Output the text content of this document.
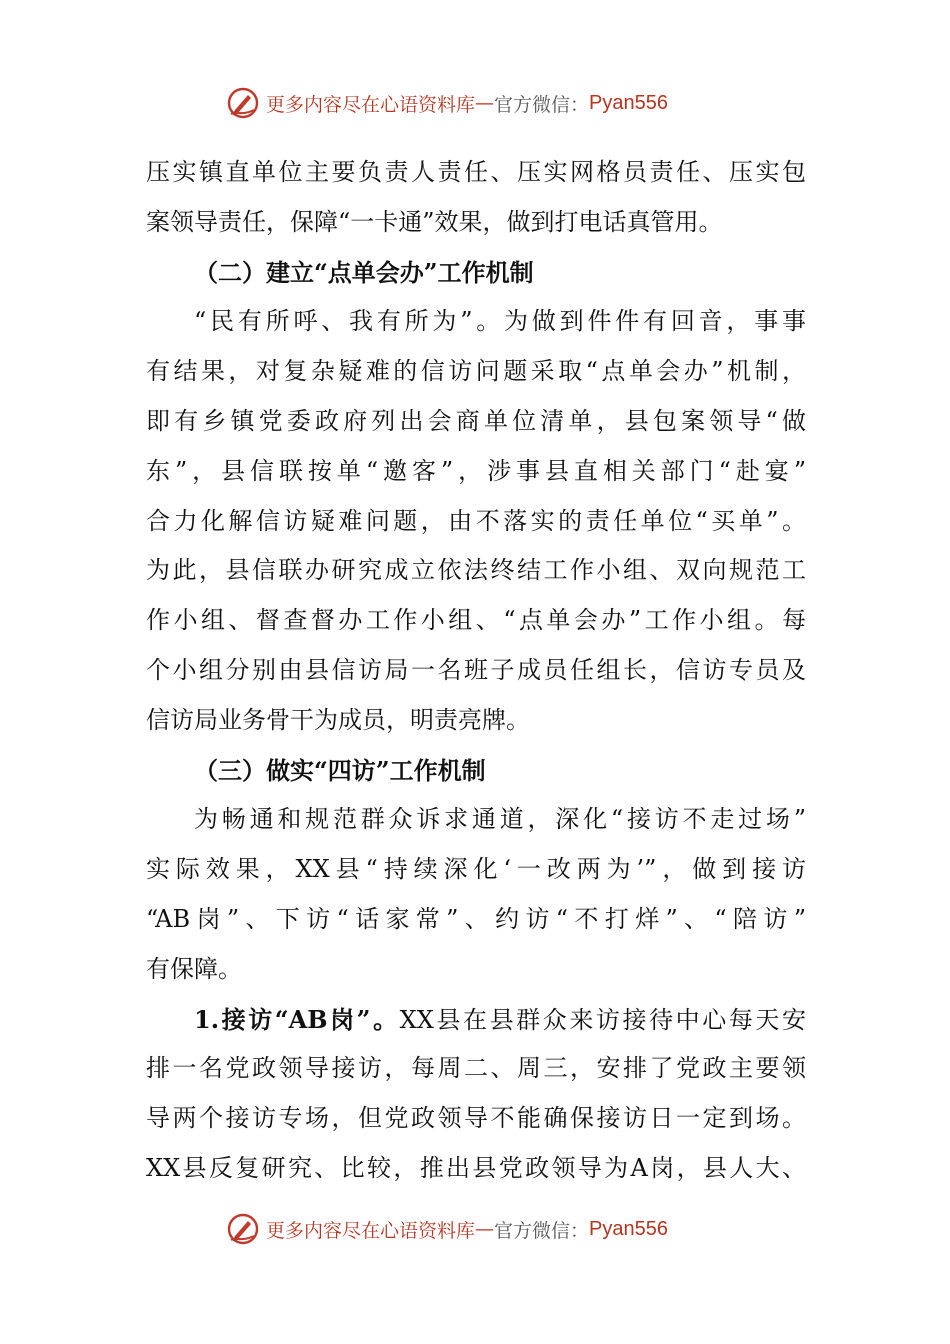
更多内容尽在心语资料库 — 官方微信： Pyan556
压实镇直单位主要负责人责任、压实网格员责任、压实包
案领导责任，保障“一卡通”效果，做到打电话真管用。
（二）建立“点单会办”工作机制
“民有所呼、我有所为”。为做到件件有回音，事事
有结果，对复杂疑难的信访问题采取“点单会办”机制，
即有乡镇党委政府列出会商单位清单，县包案领导“做
东”，县信联按单“邀客”，涉事县直相关部门“赴宴”
合力化解信访疑难问题，由不落实的责任单位“买单”。
为此，县信联办研究成立依法终结工作小组、双向规范工
作小组、督查督办工作小组、“点单会办”工作小组。每
个小组分别由县信访局一名班子成员任组长，信访专员及
信访局业务骨干为成员，明责亮牌。
（三）做实“四访”工作机制
为畅通和规范群众诉求通道，深化“接访不走过场”
实际效果，XX县“持续深化‘一改两为’”，做到接访
“AB岗”、下访“话家常”、约访“不打烊”、“陪访”
有保障。
1.接访“AB岗”。XX县在县群众来访接待中心每天安
排一名党政领导接访，每周二、周三，安排了党政主要领
导两个接访专场，但党政领导不能确保接访日一定到场。
XX县反复研究、比较，推出县党政领导为A岗，县人大、
更多内容尽在心语资料库 — 官方微信： Pyan556
